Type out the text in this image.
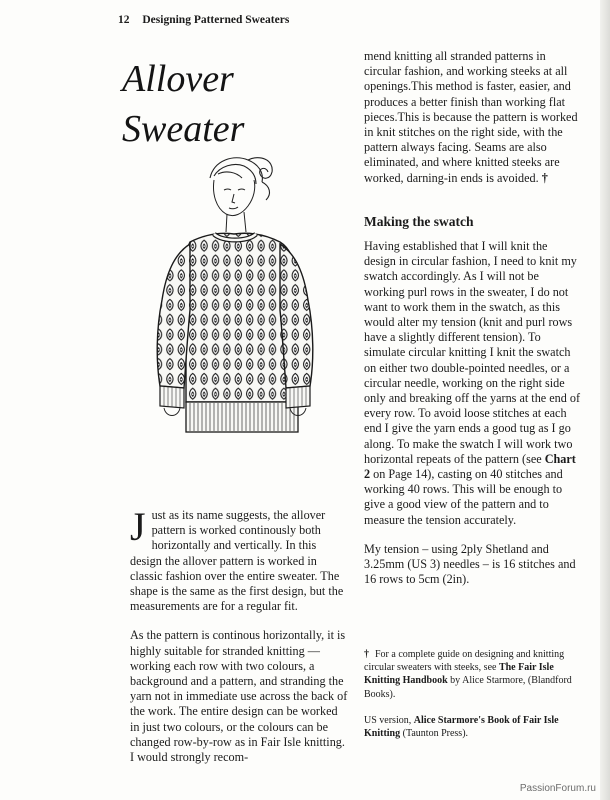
12 Designing Patterned Sweaters
Allover
Sweater

Just as its name suggests, the allover pattern is worked continously both horizontally and vertically. In this design the allover pattern is worked in classic fashion over the entire sweater. The shape is the same as the first design, but the measurements are for a regular fit.

As the pattern is continous horizontally, it is highly suitable for stranded knitting — working each row with two colours, a background and a pattern, and stranding the yarn not in immediate use across the back of the work. The entire design can be worked in just two colours, or the colours can be changed row-by-row as in Fair Isle knitting. I would strongly recom-

mend knitting all stranded patterns in circular fashion, and working steeks at all openings.This method is faster, easier, and produces a better finish than working flat pieces.This is because the pattern is worked in knit stitches on the right side, with the pattern always facing. Seams are also eliminated, and where knitted steeks are worked, darning-in ends is avoided. †

Making the swatch

Having established that I will knit the design in circular fashion, I need to knit my swatch accordingly. As I will not be working purl rows in the sweater, I do not want to work them in the swatch, as this would alter my tension (knit and purl rows have a slightly different tension). To simulate circular knitting I knit the swatch on either two double-pointed needles, or a circular needle, working on the right side only and breaking off the yarns at the end of every row. To avoid loose stitches at each end I give the yarn ends a good tug as I go along. To make the swatch I will work two horizontal repeats of the pattern (see Chart 2 on Page 14), casting on 40 stitches and working 40 rows. This will be enough to give a good view of the pattern and to measure the tension accurately.

My tension – using 2ply Shetland and 3.25mm (US 3) needles – is 16 stitches and 16 rows to 5cm (2in).

† For a complete guide on designing and knitting circular sweaters with steeks, see The Fair Isle Knitting Handbook by Alice Starmore, (Blandford Books).

US version, Alice Starmore's Book of Fair Isle Knitting (Taunton Press).

PassionForum.ru
